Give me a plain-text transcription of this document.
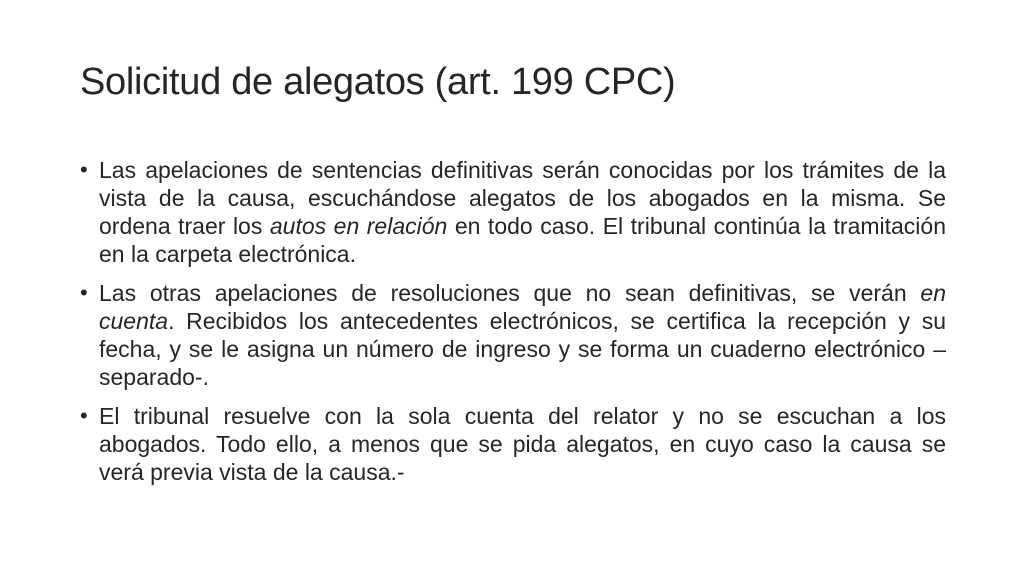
Solicitud de alegatos (art. 199 CPC)
• Las apelaciones de sentencias definitivas serán conocidas por los trámites de la vista de la causa, escuchándose alegatos de los abogados en la misma. Se ordena traer los autos en relación en todo caso. El tribunal continúa la tramitación en la carpeta electrónica.
• Las otras apelaciones de resoluciones que no sean definitivas, se verán en cuenta. Recibidos los antecedentes electrónicos, se certifica la recepción y su fecha, y se le asigna un número de ingreso y se forma un cuaderno electrónico –separado-.
• El tribunal resuelve con la sola cuenta del relator y no se escuchan a los abogados. Todo ello, a menos que se pida alegatos, en cuyo caso la causa se verá previa vista de la causa.-
